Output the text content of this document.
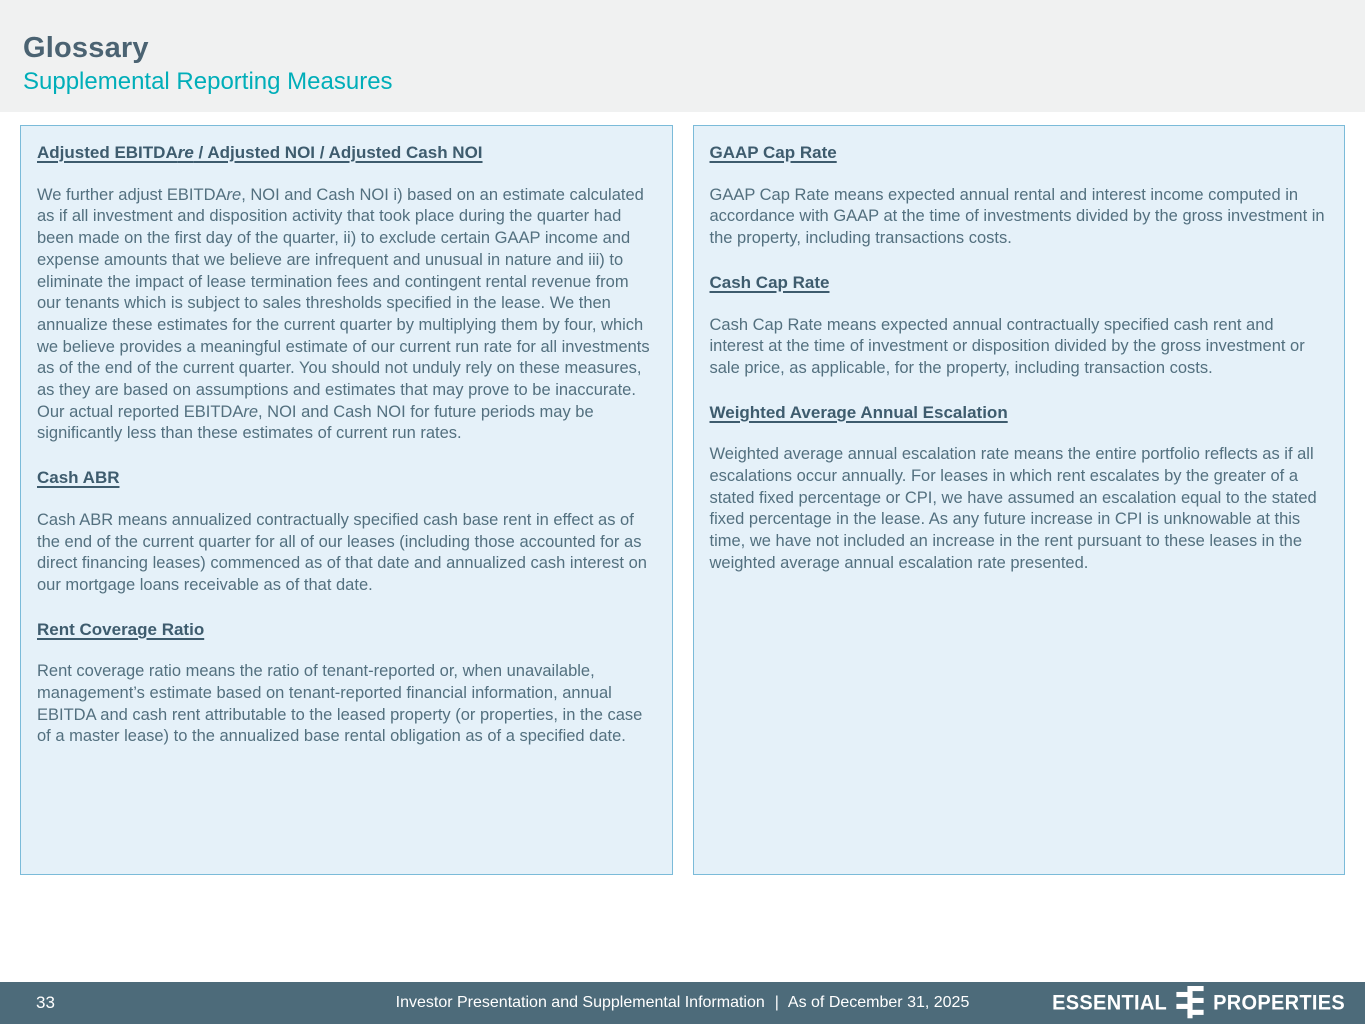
Glossary
Supplemental Reporting Measures
Adjusted EBITDAre / Adjusted NOI / Adjusted Cash NOI
We further adjust EBITDAre, NOI and Cash NOI i) based on an estimate calculated as if all investment and disposition activity that took place during the quarter had been made on the first day of the quarter, ii) to exclude certain GAAP income and expense amounts that we believe are infrequent and unusual in nature and iii) to eliminate the impact of lease termination fees and contingent rental revenue from our tenants which is subject to sales thresholds specified in the lease. We then annualize these estimates for the current quarter by multiplying them by four, which we believe provides a meaningful estimate of our current run rate for all investments as of the end of the current quarter. You should not unduly rely on these measures, as they are based on assumptions and estimates that may prove to be inaccurate. Our actual reported EBITDAre, NOI and Cash NOI for future periods may be significantly less than these estimates of current run rates.
Cash ABR
Cash ABR means annualized contractually specified cash base rent in effect as of the end of the current quarter for all of our leases (including those accounted for as direct financing leases) commenced as of that date and annualized cash interest on our mortgage loans receivable as of that date.
Rent Coverage Ratio
Rent coverage ratio means the ratio of tenant-reported or, when unavailable, management’s estimate based on tenant-reported financial information, annual EBITDA and cash rent attributable to the leased property (or properties, in the case of a master lease) to the annualized base rental obligation as of a specified date.
GAAP Cap Rate
GAAP Cap Rate means expected annual rental and interest income computed in accordance with GAAP at the time of investments divided by the gross investment in the property, including transactions costs.
Cash Cap Rate
Cash Cap Rate means expected annual contractually specified cash rent and interest at the time of investment or disposition divided by the gross investment or sale price, as applicable, for the property, including transaction costs.
Weighted Average Annual Escalation
Weighted average annual escalation rate means the entire portfolio reflects as if all escalations occur annually. For leases in which rent escalates by the greater of a stated fixed percentage or CPI, we have assumed an escalation equal to the stated fixed percentage in the lease. As any future increase in CPI is unknowable at this time, we have not included an increase in the rent pursuant to these leases in the weighted average annual escalation rate presented.
33	Investor Presentation and Supplemental Information | As of December 31, 2025	ESSENTIAL PROPERTIES
